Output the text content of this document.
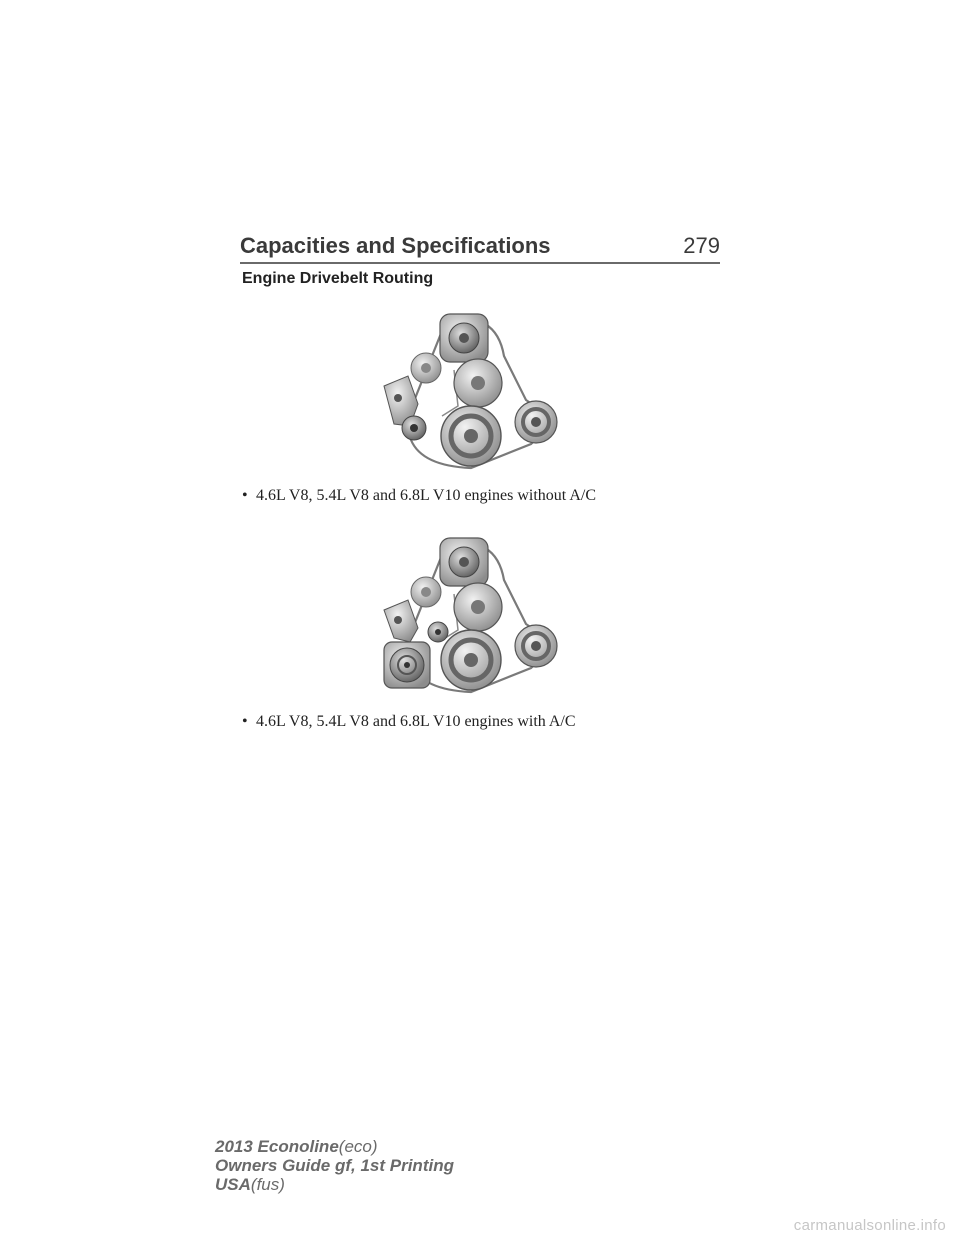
Capacities and Specifications	279
Engine Drivebelt Routing
• 4.6L V8, 5.4L V8 and 6.8L V10 engines without A/C
• 4.6L V8, 5.4L V8 and 6.8L V10 engines with A/C
2013 Econoline(eco)
Owners Guide gf, 1st Printing
USA(fus)
carmanualsonline.info
